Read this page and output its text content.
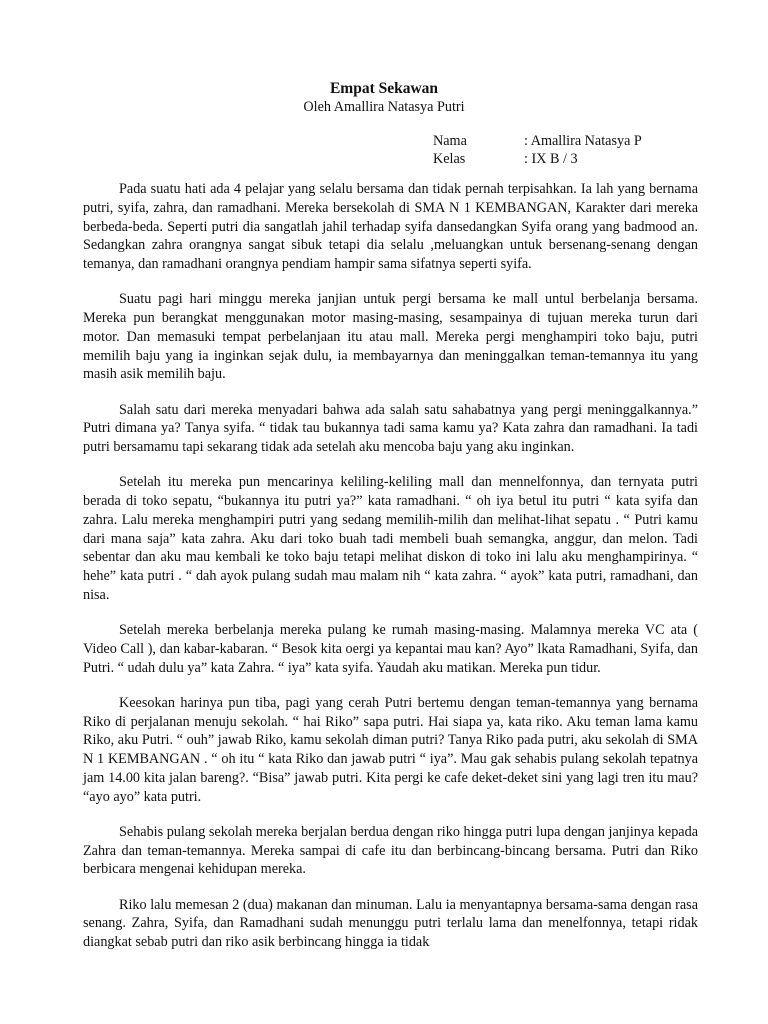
Empat Sekawan
Oleh Amallira Natasya Putri
Nama	: Amallira Natasya P
Kelas	: IX B / 3

Pada suatu hati ada 4 pelajar yang selalu bersama dan tidak pernah terpisahkan. Ia lah yang bernama putri, syifa, zahra, dan ramadhani. Mereka bersekolah di SMA N 1 KEMBANGAN, Karakter dari mereka berbeda-beda. Seperti putri dia sangatlah jahil terhadap syifa dansedangkan Syifa orang yang badmood an. Sedangkan zahra orangnya sangat sibuk tetapi dia selalu ,meluangkan untuk bersenang-senang dengan temanya, dan ramadhani orangnya pendiam hampir sama sifatnya seperti syifa.

Suatu pagi hari minggu mereka janjian untuk pergi bersama ke mall untul berbelanja bersama. Mereka pun berangkat menggunakan motor masing-masing, sesampainya di tujuan mereka turun dari motor. Dan memasuki tempat perbelanjaan itu atau mall. Mereka pergi menghampiri toko baju, putri memilih baju yang ia inginkan sejak dulu, ia membayarnya dan meninggalkan teman-temannya itu yang masih asik memilih baju.

Salah satu dari mereka menyadari bahwa ada salah satu sahabatnya yang pergi meninggalkannya.” Putri dimana ya? Tanya syifa. “ tidak tau bukannya tadi sama kamu ya? Kata zahra dan ramadhani. Ia tadi putri bersamamu tapi sekarang tidak ada setelah aku mencoba baju yang aku inginkan.

Setelah itu mereka pun mencarinya keliling-keliling mall dan mennelfonnya, dan ternyata putri berada di toko sepatu, “bukannya itu putri ya?” kata ramadhani. “ oh iya betul itu putri “ kata syifa dan zahra. Lalu mereka menghampiri putri yang sedang memilih-milih dan melihat-lihat sepatu . “ Putri kamu dari mana saja” kata zahra. Aku dari toko buah tadi membeli buah semangka, anggur, dan melon. Tadi sebentar dan aku mau kembali ke toko baju tetapi melihat diskon di toko ini lalu aku menghampirinya. “ hehe” kata putri . “ dah ayok pulang sudah mau malam nih “ kata zahra. “ ayok” kata putri, ramadhani, dan nisa.

Setelah mereka berbelanja mereka pulang ke rumah masing-masing. Malamnya mereka VC ata ( Video Call ), dan kabar-kabaran. “ Besok kita oergi ya kepantai mau kan? Ayo” lkata Ramadhani, Syifa, dan Putri. “ udah dulu ya” kata Zahra. “ iya” kata syifa. Yaudah aku matikan. Mereka pun tidur.

Keesokan harinya pun tiba, pagi yang cerah Putri bertemu dengan teman-temannya yang bernama Riko di perjalanan menuju sekolah. “ hai Riko” sapa putri. Hai siapa ya, kata riko. Aku teman lama kamu Riko, aku Putri. “ ouh” jawab Riko, kamu sekolah diman putri? Tanya Riko pada putri, aku sekolah di SMA N 1 KEMBANGAN . “ oh itu “ kata Riko dan jawab putri “ iya”. Mau gak sehabis pulang sekolah tepatnya jam 14.00 kita jalan bareng?. “Bisa” jawab putri. Kita pergi ke cafe deket-deket sini yang lagi tren itu mau? “ayo ayo” kata putri.

Sehabis pulang sekolah mereka berjalan berdua dengan riko hingga putri lupa dengan janjinya kepada Zahra dan teman-temannya. Mereka sampai di cafe itu dan berbincang-bincang bersama. Putri dan Riko berbicara mengenai kehidupan mereka.

Riko lalu memesan 2 (dua) makanan dan minuman. Lalu ia menyantapnya bersama-sama dengan rasa senang. Zahra, Syifa, dan Ramadhani sudah menunggu putri terlalu lama dan menelfonnya, tetapi ridak diangkat sebab putri dan riko asik berbincang hingga ia tidak
